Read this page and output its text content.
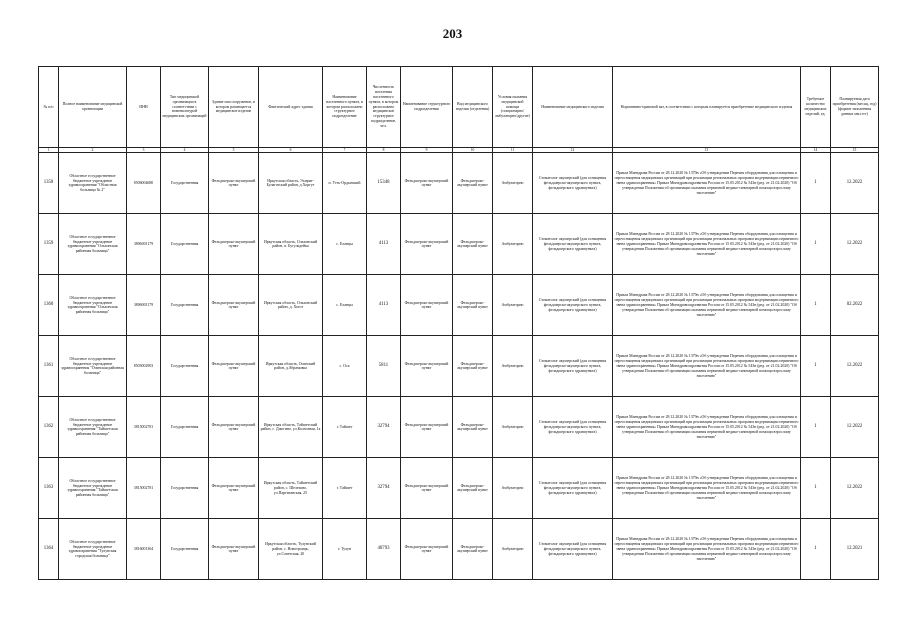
203
№ п/п	Полное наименование медицинской организации	ИНН	Тип медицинской организации в соответствии с номенклатурой медицинских организаций	Здание или сооружение, в котором размещается медицинское изделие	Фактический адрес здания	Наименование населенного пункта, в котором расположено структурное подразделение	Численность населения населенного пункта, в котором расположено медицинское структурное подразделение, чел.	Наименование структурного подразделения	Вид медицинского изделия (отделения)	Условия оказания медицинской помощи (стационарно/амбулаторно/другие)	Наименование медицинского изделия	Нормативно-правовой акт, в соответствии с которым планируется приобретение медицинского изделия	Требуемое количество медицинских изделий, ед.	Планируемая дата приобретения (месяц, год) (формат заполнения данных мм.гггг)
1	2	3	4	5	6	7	8	9	10	11	12	13	14	15
1358	Областное государственное бюджетное учреждение здравоохранения "Областная больница № 2"	8506004680	Государственная	Фельдшерско-акушерский пункт	Иркутская область, Эхирит-Булагатский район, д.Хоргут	п. Усть-Ордынский	15348	Фельдшерско-акушерский пункт	Фельдшерско-акушерский пункт	Амбулаторно	Стоматолог акушерский (для оснащения фельдшерско-акушерского пункта, фельдшерского здравпункта)	Приказ Минздрава России от 28.12.2020 № 1379н «Об утверждении Перечня оборудования для оснащения и переоснащения медицинских организаций при реализации региональных программ модернизации первичного звена здравоохранения» Приказ Минздравсоцразвития России от 15.05.2012 № 543н (ред. от 21.02.2020) "Об утверждении Положения об организации оказания первичной медико-санитарной помощи взрослому населению"	1	12.2022
1359	Областное государственное бюджетное учреждение здравоохранения "Ольхонская районная больница"	3806001179	Государственная	Фельдшерско-акушерский пункт	Иркутская область, Ольхонский район, п. Бугульдейка	с. Еланцы	4113	Фельдшерско-акушерский пункт	Фельдшерско-акушерский пункт	Амбулаторно	Стоматолог акушерский (для оснащения фельдшерско-акушерского пункта, фельдшерского здравпункта)	Приказ Минздрава России от 28.12.2020 № 1379н «Об утверждении Перечня оборудования для оснащения и переоснащения медицинских организаций при реализации региональных программ модернизации первичного звена здравоохранения» Приказ Минздравсоцразвития России от 15.05.2012 № 543н (ред. от 21.02.2020) "Об утверждении Положения об организации оказания первичной медико-санитарной помощи взрослому населению"	1	12.2022
1360	Областное государственное бюджетное учреждение здравоохранения "Ольхонская районная больница"	3806001179	Государственная	Фельдшерско-акушерский пункт	Иркутская область, Ольхонский район, д. Хогот	с. Еланцы	4113	Фельдшерско-акушерский пункт	Фельдшерско-акушерский пункт	Амбулаторно	Стоматолог акушерский (для оснащения фельдшерско-акушерского пункта, фельдшерского здравпункта)	Приказ Минздрава России от 28.12.2020 № 1379н «Об утверждении Перечня оборудования для оснащения и переоснащения медицинских организаций при реализации региональных программ модернизации первичного звена здравоохранения» Приказ Минздравсоцразвития России от 15.05.2012 № 543н (ред. от 21.02.2020) "Об утверждении Положения об организации оказания первичной медико-санитарной помощи взрослому населению"	1	02.2022
1361	Областное государственное бюджетное учреждение здравоохранения "Осинская районная больница"	8505002903	Государственная	Фельдшерско-акушерский пункт	Иркутская область, Осинский район, д.Абрамовка	с. Оса	5811	Фельдшерско-акушерский пункт	Фельдшерско-акушерский пункт	Амбулаторно	Стоматолог акушерский (для оснащения фельдшерско-акушерского пункта, фельдшерского здравпункта)	Приказ Минздрава России от 28.12.2020 № 1379н «Об утверждении Перечня оборудования для оснащения и переоснащения медицинских организаций при реализации региональных программ модернизации первичного звена здравоохранения» Приказ Минздравсоцразвития России от 15.05.2012 № 543н (ред. от 21.02.2020) "Об утверждении Положения об организации оказания первичной медико-санитарной помощи взрослому населению"	1	12.2022
1362	Областное государственное бюджетное учреждение здравоохранения "Тайшетская районная больница"	3815002781	Государственная	Фельдшерско-акушерский пункт	Иркутская область, Тайшетский район, с. Джогино, ул.Колхозная, 1а	г. Тайшет	32794	Фельдшерско-акушерский пункт	Фельдшерско-акушерский пункт	Амбулаторно	Стоматолог акушерский (для оснащения фельдшерско-акушерского пункта, фельдшерского здравпункта)	Приказ Минздрава России от 28.12.2020 № 1379н «Об утверждении Перечня оборудования для оснащения и переоснащения медицинских организаций при реализации региональных программ модернизации первичного звена здравоохранения» Приказ Минздравсоцразвития России от 15.05.2012 № 543н (ред. от 21.02.2020) "Об утверждении Положения об организации оказания первичной медико-санитарной помощи взрослому населению"	1	12.2022
1363	Областное государственное бюджетное учреждение здравоохранения "Тайшетская районная больница"	3815002781	Государственная	Фельдшерско-акушерский пункт	Иркутская область, Тайшетский район, с. Шелехово, ул.Партизанская, 25	г. Тайшет	32794	Фельдшерско-акушерский пункт	Фельдшерско-акушерский пункт	Амбулаторно	Стоматолог акушерский (для оснащения фельдшерско-акушерского пункта, фельдшерского здравпункта)	Приказ Минздрава России от 28.12.2020 № 1379н «Об утверждении Перечня оборудования для оснащения и переоснащения медицинских организаций при реализации региональных программ модернизации первичного звена здравоохранения» Приказ Минздравсоцразвития России от 15.05.2012 № 543н (ред. от 21.02.2020) "Об утверждении Положения об организации оказания первичной медико-санитарной помощи взрослому населению"	1	12.2022
1364	Областное государственное бюджетное учреждение здравоохранения "Тулунская городская больница"	3816001364	Государственная	Фельдшерско-акушерский пункт	Иркутская область, Тулунский район, с. Новотроицк, ул.Советская, 20	г. Тулун	40793	Фельдшерско-акушерский пункт	Фельдшерско-акушерский пункт	Амбулаторно	Стоматолог акушерский (для оснащения фельдшерско-акушерского пункта, фельдшерского здравпункта)	Приказ Минздрава России от 28.12.2020 № 1379н «Об утверждении Перечня оборудования для оснащения и переоснащения медицинских организаций при реализации региональных программ модернизации первичного звена здравоохранения» Приказ Минздравсоцразвития России от 15.05.2012 № 543н (ред. от 21.02.2020) "Об утверждении Положения об организации оказания первичной медико-санитарной помощи взрослому населению"	1	12.2021
